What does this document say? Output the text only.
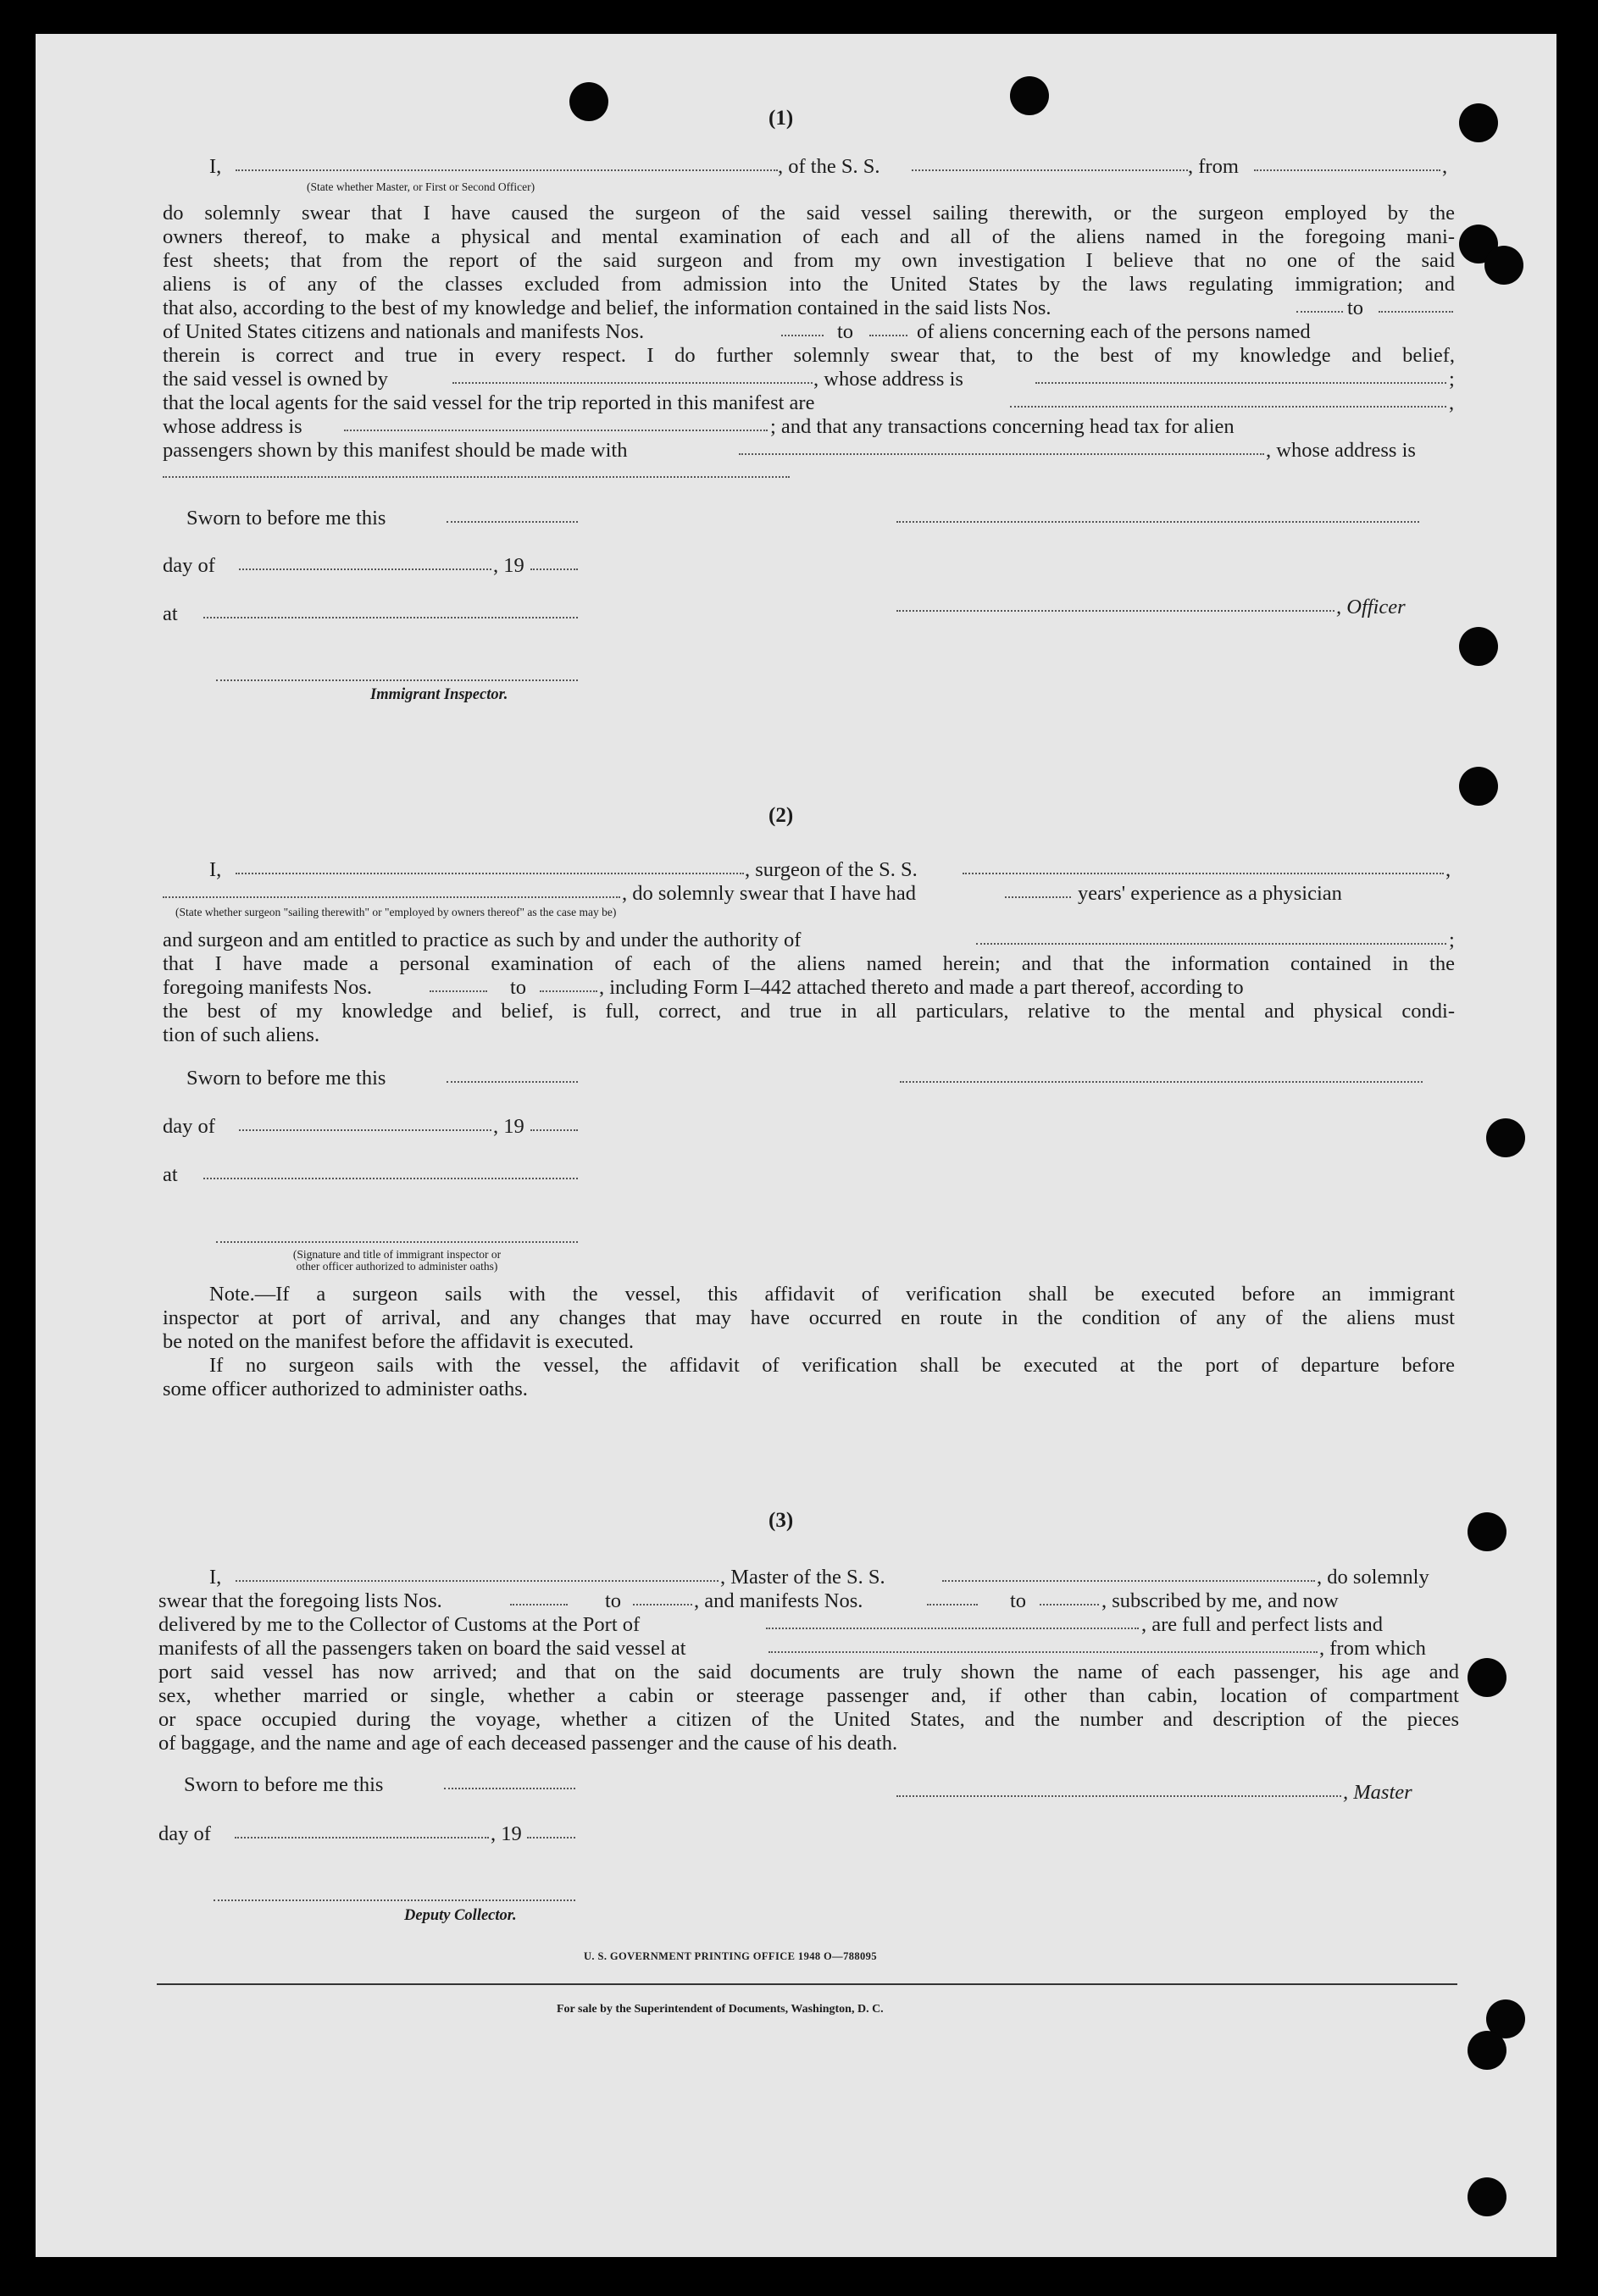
(1)
I,	, of the S. S.	, from	,
(State whether Master, or First or Second Officer)
do solemnly swear that I have caused the surgeon of the said vessel sailing therewith, or the surgeon employed by the
owners thereof, to make a physical and mental examination of each and all of the aliens named in the foregoing mani-
fest sheets; that from the report of the said surgeon and from my own investigation I believe that no one of the said
aliens is of any of the classes excluded from admission into the United States by the laws regulating immigration; and
that also, according to the best of my knowledge and belief, the information contained in the said lists Nos.	to
of United States citizens and nationals and manifests Nos.	to	of aliens concerning each of the persons named
therein is correct and true in every respect. I do further solemnly swear that, to the best of my knowledge and belief,
the said vessel is owned by	, whose address is	;
that the local agents for the said vessel for the trip reported in this manifest are	,
whose address is	; and that any transactions concerning head tax for alien
passengers shown by this manifest should be made with	, whose address is
Sworn to before me this
day of	, 19
, Officer
at
Immigrant Inspector.
(2)
I,	, surgeon of the S. S.	,
, do solemnly swear that I have had	years' experience as a physician
(State whether surgeon "sailing therewith" or "employed by owners thereof" as the case may be)
and surgeon and am entitled to practice as such by and under the authority of	;
that I have made a personal examination of each of the aliens named herein; and that the information contained in the
foregoing manifests Nos.	to	, including Form I–442 attached thereto and made a part thereof, according to
the best of my knowledge and belief, is full, correct, and true in all particulars, relative to the mental and physical condi-
tion of such aliens.
Sworn to before me this
day of	, 19
at
(Signature and title of immigrant inspector or
other officer authorized to administer oaths)
Note.—If a surgeon sails with the vessel, this affidavit of verification shall be executed before an immigrant
inspector at port of arrival, and any changes that may have occurred en route in the condition of any of the aliens must
be noted on the manifest before the affidavit is executed.
If no surgeon sails with the vessel, the affidavit of verification shall be executed at the port of departure before
some officer authorized to administer oaths.
(3)
I,	, Master of the S. S.	, do solemnly
swear that the foregoing lists Nos.	to	, and manifests Nos.	to	, subscribed by me, and now
delivered by me to the Collector of Customs at the Port of	, are full and perfect lists and
manifests of all the passengers taken on board the said vessel at	, from which
port said vessel has now arrived; and that on the said documents are truly shown the name of each passenger, his age and
sex, whether married or single, whether a cabin or steerage passenger and, if other than cabin, location of compartment
or space occupied during the voyage, whether a citizen of the United States, and the number and description of the pieces
of baggage, and the name and age of each deceased passenger and the cause of his death.
Sworn to before me this	, Master
day of	, 19
Deputy Collector.
U. S. GOVERNMENT PRINTING OFFICE 1948 O—788095
For sale by the Superintendent of Documents, Washington, D. C.
